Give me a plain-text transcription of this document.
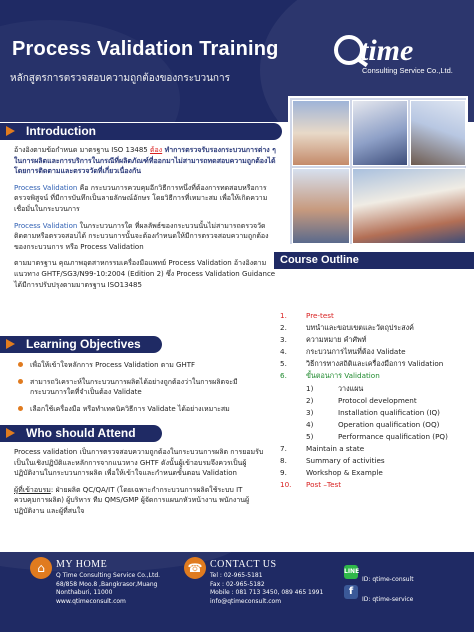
Process Validation Training
หลักสูตรการตรวจสอบความถูกต้องของกระบวนการ
time
Consulting Service Co.,Ltd.
Introduction
อ้างอิงตามข้อกำหนด มาตรฐาน ISO 13485 ต้อง ทำการตรวจรับรองกระบวนการต่าง ๆในการผลิตและการบริการในกรณีที่ผลิตภัณฑ์ที่ออกมาไม่สามารถทดสอบความถูกต้องได้โดยการติดตามและตรวจวัดที่เกี่ยวเนื่องกัน
Process Validation คือ กระบวนการควบคุมอีกวิธีการหนึ่งที่ต้องการทดสอบหรือการตรวจพิสูจน์ ที่มีการบันทึกเป็นลายลักษณ์อักษร โดยวิธีการที่เหมาะสม เพื่อให้เกิดความเชื่อมั่นในกระบวนการ
Process Validation ในกระบวนการใด ที่ผลลัพธ์ของกระบวนนั้นไม่สามารถตรวจวัด ติดตามหรือตรวจสอบได้ กระบวนการนั้นจะต้องกำหนดให้มีการตรวจสอบความถูกต้องของกระบวนการ หรือ Process Validation
ตามมาตรฐาน คุณภาพอุตสาหกรรมเครื่องมือแพทย์ Process Validation อ้างอิงตามแนวทาง GHTF/SG3/N99-10:2004 (Edition 2) ซึ่ง Process Validation Guidance ได้มีการปรับปรุงตามมาตรฐาน ISO13485
Learning Objectives
เพื่อให้เข้าใจหลักการ Process Validation ตาม GHTF
สามารถวิเคราะห์ในกระบวนการผลิตได้อย่างถูกต้องว่าในการผลิตจะมีกระบวนการใดที่จำเป็นต้อง Validate
เลือกใช้เครื่องมือ หรือทำเทคนิควิธีการ Validate ได้อย่างเหมาะสม
Who should Attend
Process validation เป็นการตรวจสอบความถูกต้องในกระบวนการผลิต การยอมรับเป็นในเชิงปฏิบัติและหลักการจากแนวทาง GHTF ดังนั้นผู้เข้าอบรมจึงควรเป็นผู้ปฏิบัติงานในกระบวนการผลิต เพื่อให้เข้าใจและกำหนดขั้นตอน Validation
ผู้ที่เข้าอบรม: ฝ่ายผลิต QC/QA/IT (โดยเฉพาะกำกระบวนการผลิตใช้ระบบ IT ควบคุมการผลิต) ผู้บริหาร ทีม QMS/GMP ผู้จัดการแผนกหัวหน้างาน พนักงานผู้ปฏิบัติงาน และผู้ที่สนใจ
Course Outline
1.	Pre-test
2.	บทนำและขอบเขตและวัตถุประสงค์
3.	ความหมาย คำศัพท์
4.	กระบวนการไหนที่ต้อง Validate
5.	วิธีการทางสถิติและเครื่องมือการ Validation
6.	ขั้นตอนการ Validation
1)	วางแผน
2)	Protocol development
3)	Installation qualification (IQ)
4)	Operation qualification (OQ)
5)	Performance qualification (PQ)
7.	Maintain a state
8.	Summary of activities
9.	Workshop & Example
10. Post –Test
⌂	MY HOME
Q Time Consulting Service Co.,Ltd.
68/858 Moo.8 ,Bangkrasor,Muang
Nonthaburi, 11000
www.qtimeconsult.com
☎ CONTACT US
Tel : 02-965-5181
Fax : 02-965-5182
Mobile : 081 713 3450, 089 465 1991
info@qtimeconsult.com
LINE
ID: qtime-consult
f
ID: qtime-service
